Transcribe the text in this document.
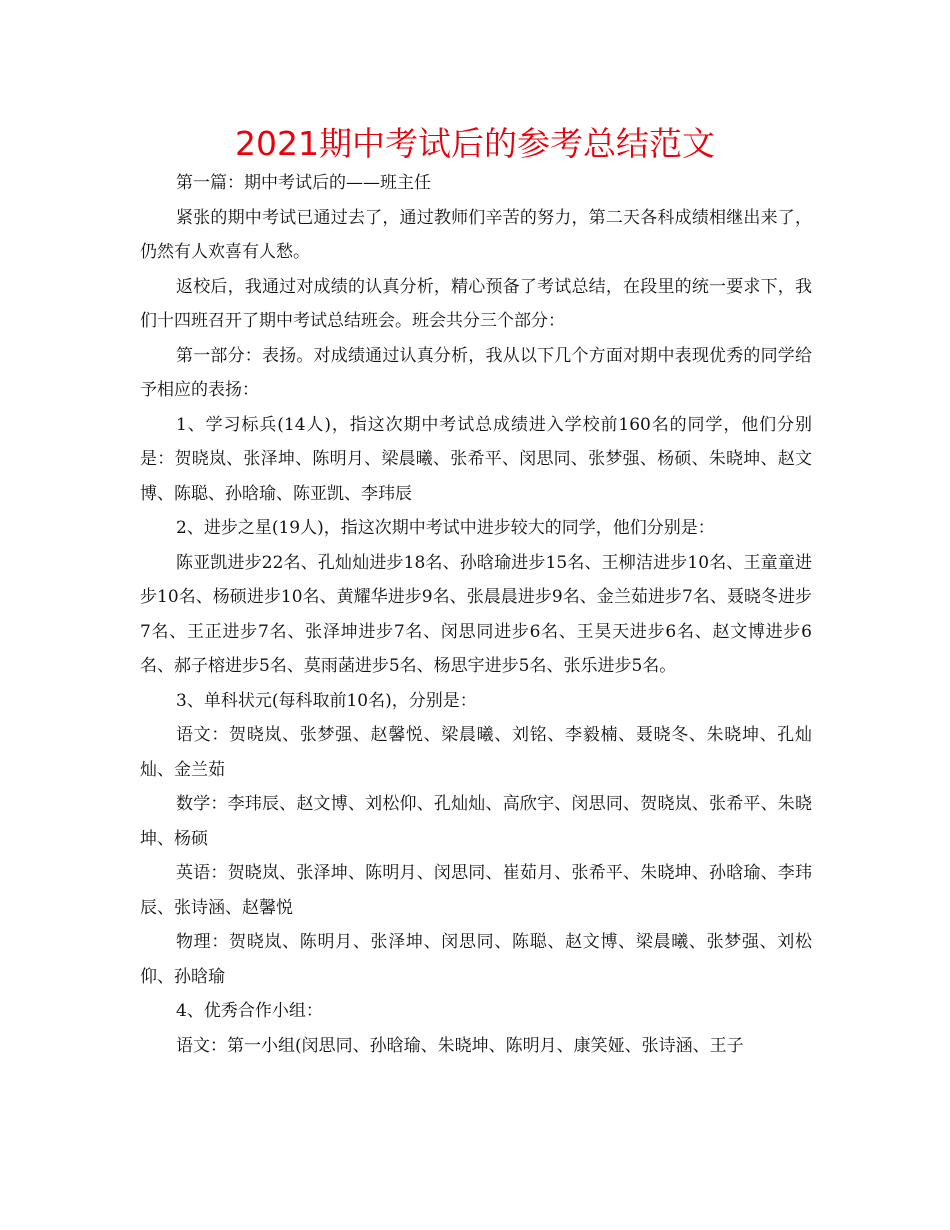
2021期中考试后的参考总结范文

第一篇：期中考试后的——班主任

紧张的期中考试已通过去了，通过教师们辛苦的努力，第二天各科成绩相继出来了，仍然有人欢喜有人愁。

返校后，我通过对成绩的认真分析，精心预备了考试总结，在段里的统一要求下，我们十四班召开了期中考试总结班会。班会共分三个部分：

第一部分：表扬。对成绩通过认真分析，我从以下几个方面对期中表现优秀的同学给予相应的表扬：

1、学习标兵(14人)，指这次期中考试总成绩进入学校前160名的同学，他们分别是：贺晓岚、张泽坤、陈明月、梁晨曦、张希平、闵思同、张梦强、杨硕、朱晓坤、赵文博、陈聪、孙晗瑜、陈亚凯、李玮辰

2、进步之星(19人)，指这次期中考试中进步较大的同学，他们分别是：

陈亚凯进步22名、孔灿灿进步18名、孙晗瑜进步15名、王柳洁进步10名、王童童进步10名、杨硕进步10名、黄耀华进步9名、张晨晨进步9名、金兰茹进步7名、聂晓冬进步7名、王正进步7名、张泽坤进步7名、闵思同进步6名、王昊天进步6名、赵文博进步6名、郝子榕进步5名、莫雨菡进步5名、杨思宇进步5名、张乐进步5名。

3、单科状元(每科取前10名)，分别是：

语文：贺晓岚、张梦强、赵馨悦、梁晨曦、刘铭、李毅楠、聂晓冬、朱晓坤、孔灿灿、金兰茹

数学：李玮辰、赵文博、刘松仰、孔灿灿、高欣宇、闵思同、贺晓岚、张希平、朱晓坤、杨硕

英语：贺晓岚、张泽坤、陈明月、闵思同、崔茹月、张希平、朱晓坤、孙晗瑜、李玮辰、张诗涵、赵馨悦

物理：贺晓岚、陈明月、张泽坤、闵思同、陈聪、赵文博、梁晨曦、张梦强、刘松仰、孙晗瑜

4、优秀合作小组：

语文：第一小组(闵思同、孙晗瑜、朱晓坤、陈明月、康笑娅、张诗涵、王子
